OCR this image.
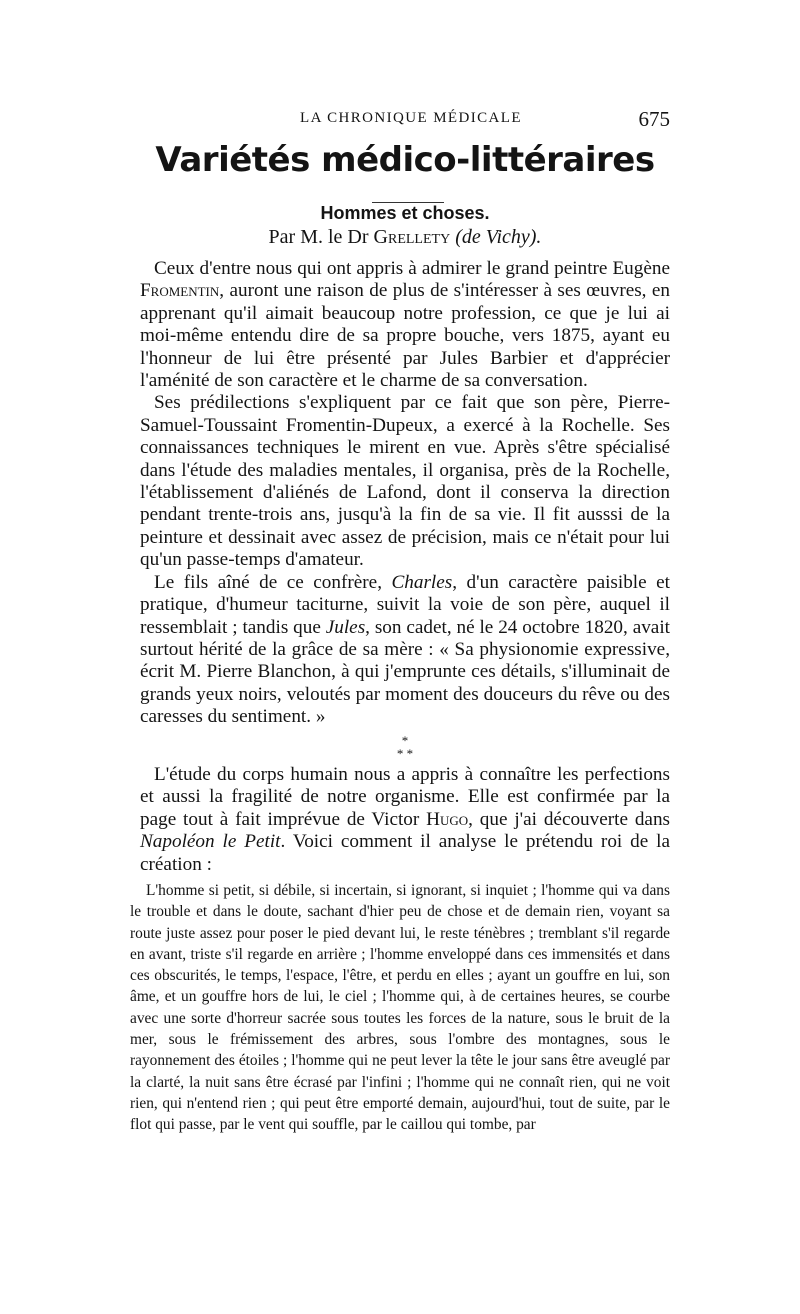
LA CHRONIQUE MÉDICALE	675
Variétés médico-littéraires
Hommes et choses.
Par M. le Dr Grellety (de Vichy).

Ceux d'entre nous qui ont appris à admirer le grand peintre Eugène Fromentin, auront une raison de plus de s'intéresser à ses œuvres, en apprenant qu'il aimait beaucoup notre profession, ce que je lui ai moi-même entendu dire de sa propre bouche, vers 1875, ayant eu l'honneur de lui être présenté par Jules Barbier et d'apprécier l'aménité de son caractère et le charme de sa conversation.

Ses prédilections s'expliquent par ce fait que son père, Pierre-Samuel-Toussaint Fromentin-Dupeux, a exercé à la Rochelle. Ses connaissances techniques le mirent en vue. Après s'être spécialisé dans l'étude des maladies mentales, il organisa, près de la Rochelle, l'établissement d'aliénés de Lafond, dont il conserva la direction pendant trente-trois ans, jusqu'à la fin de sa vie. Il fit ausssi de la peinture et dessinait avec assez de précision, mais ce n'était pour lui qu'un passe-temps d'amateur.

Le fils aîné de ce confrère, Charles, d'un caractère paisible et pratique, d'humeur taciturne, suivit la voie de son père, auquel il ressemblait ; tandis que Jules, son cadet, né le 24 octobre 1820, avait surtout hérité de la grâce de sa mère : « Sa physionomie expressive, écrit M. Pierre Blanchon, à qui j'emprunte ces détails, s'illuminait de grands yeux noirs, veloutés par moment des douceurs du rêve ou des caresses du sentiment. »

*
* *

L'étude du corps humain nous a appris à connaître les perfections et aussi la fragilité de notre organisme. Elle est confirmée par la page tout à fait imprévue de Victor Hugo, que j'ai découverte dans Napoléon le Petit. Voici comment il analyse le prétendu roi de la création :

L'homme si petit, si débile, si incertain, si ignorant, si inquiet ; l'homme qui va dans le trouble et dans le doute, sachant d'hier peu de chose et de demain rien, voyant sa route juste assez pour poser le pied devant lui, le reste ténèbres ; tremblant s'il regarde en avant, triste s'il regarde en arrière ; l'homme enveloppé dans ces immensités et dans ces obscurités, le temps, l'espace, l'être, et perdu en elles ; ayant un gouffre en lui, son âme, et un gouffre hors de lui, le ciel ; l'homme qui, à de certaines heures, se courbe avec une sorte d'horreur sacrée sous toutes les forces de la nature, sous le bruit de la mer, sous le frémissement des arbres, sous l'ombre des montagnes, sous le rayonnement des étoiles ; l'homme qui ne peut lever la tête le jour sans être aveuglé par la clarté, la nuit sans être écrasé par l'infini ; l'homme qui ne connaît rien, qui ne voit rien, qui n'entend rien ; qui peut être emporté demain, aujourd'hui, tout de suite, par le flot qui passe, par le vent qui souffle, par le caillou qui tombe, par
